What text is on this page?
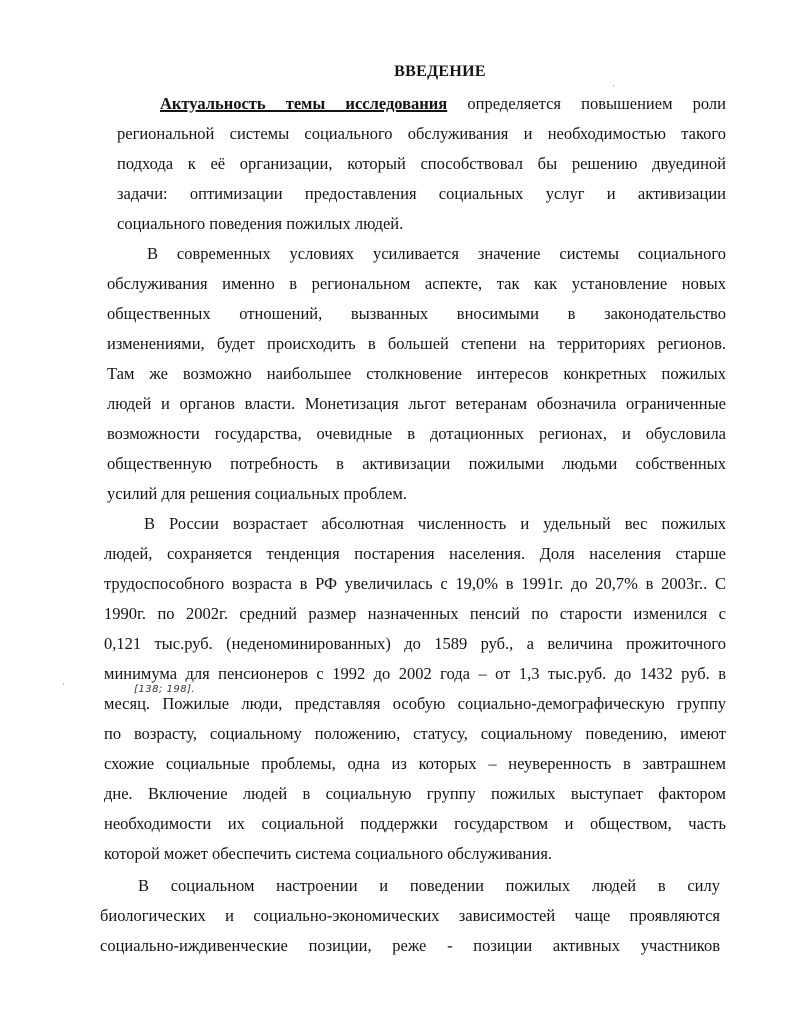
ВВЕДЕНИЕ
Актуальность темы исследования определяется повышением роли
региональной системы социального обслуживания и необходимостью такого
подхода к её организации, который способствовал бы решению двуединой
задачи: оптимизации предоставления социальных услуг и активизации
социального поведения пожилых людей.
В современных условиях усиливается значение системы социального
обслуживания именно в региональном аспекте, так как установление новых
общественных отношений, вызванных вносимыми в законодательство
изменениями, будет происходить в большей степени на территориях регионов.
Там же возможно наибольшее столкновение интересов конкретных пожилых
людей и органов власти. Монетизация льгот ветеранам обозначила ограниченные
возможности государства, очевидные в дотационных регионах, и обусловила
общественную потребность в активизации пожилыми людьми собственных
усилий для решения социальных проблем.
В России возрастает абсолютная численность и удельный вес пожилых
людей, сохраняется тенденция постарения населения. Доля населения старше
трудоспособного возраста в РФ увеличилась с 19,0% в 1991г. до 20,7% в 2003г.. С
1990г. по 2002г. средний размер назначенных пенсий по старости изменился с
0,121 тыс.руб. (неденоминированных) до 1589 руб., а величина прожиточного
минимума для пенсионеров с 1992 до 2002 года – от 1,3 тыс.руб. до 1432 руб. в
[138; 198].
месяц. Пожилые люди, представляя особую социально-демографическую группу
по возрасту, социальному положению, статусу, социальному поведению, имеют
схожие социальные проблемы, одна из которых – неуверенность в завтрашнем
дне. Включение людей в социальную группу пожилых выступает фактором
необходимости их социальной поддержки государством и обществом, часть
которой может обеспечить система социального обслуживания.
В социальном настроении и поведении пожилых людей в силу
биологических и социально-экономических зависимостей чаще проявляются
социально-иждивенческие позиции, реже - позиции активных участников
·
·
